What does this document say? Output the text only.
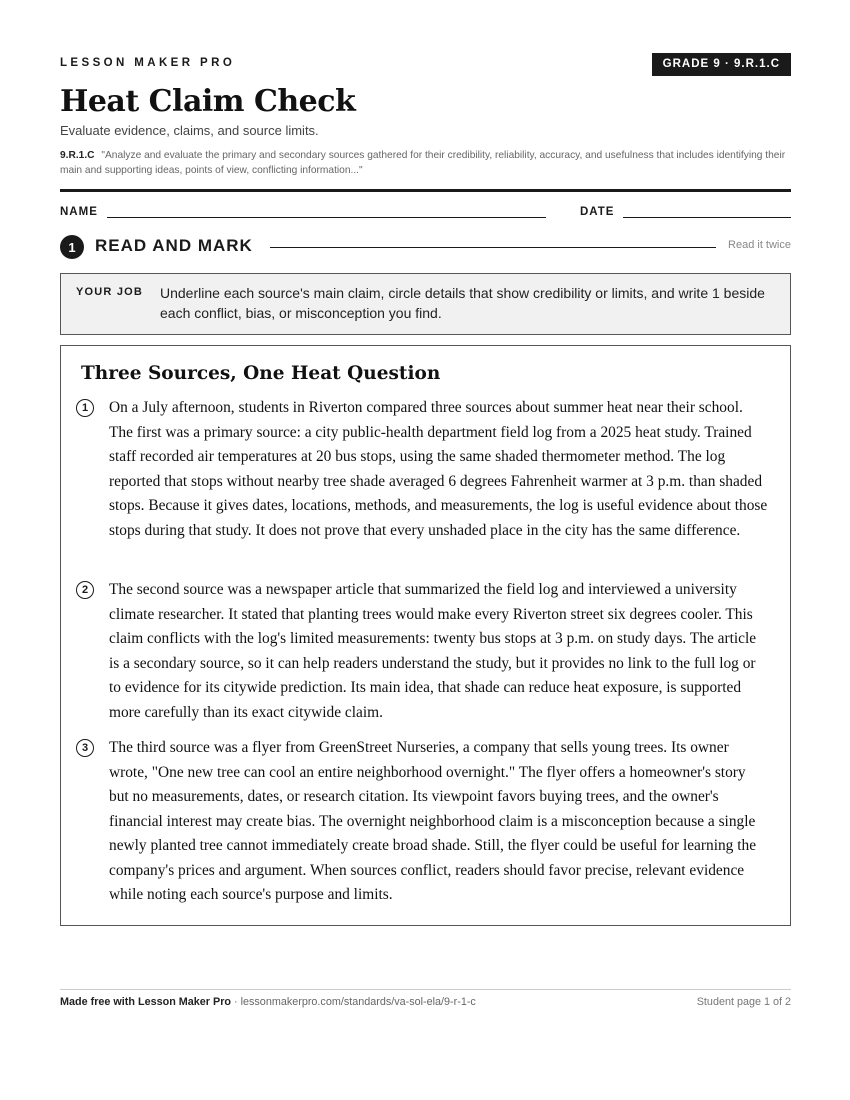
LESSON MAKER PRO	GRADE 9 · 9.R.1.C
Heat Claim Check
Evaluate evidence, claims, and source limits.
9.R.1.C "Analyze and evaluate the primary and secondary sources gathered for their credibility, reliability, accuracy, and usefulness that includes identifying their main and supporting ideas, points of view, conflicting information..."
NAME	DATE
1	READ AND MARK	Read it twice
YOUR JOB Underline each source's main claim, circle details that show credibility or limits, and write 1 beside each conflict, bias, or misconception you find.
Three Sources, One Heat Question
1	On a July afternoon, students in Riverton compared three sources about summer heat near their school. The first was a primary source: a city public-health department field log from a 2025 heat study. Trained staff recorded air temperatures at 20 bus stops, using the same shaded thermometer method. The log reported that stops without nearby tree shade averaged 6 degrees Fahrenheit warmer at 3 p.m. than shaded stops. Because it gives dates, locations, methods, and measurements, the log is useful evidence about those stops during that study. It does not prove that every unshaded place in the city has the same difference.

2	The second source was a newspaper article that summarized the field log and interviewed a university climate researcher. It stated that planting trees would make every Riverton street six degrees cooler. This claim conflicts with the log's limited measurements: twenty bus stops at 3 p.m. on study days. The article is a secondary source, so it can help readers understand the study, but it provides no link to the full log or to evidence for its citywide prediction. Its main idea, that shade can reduce heat exposure, is supported more carefully than its exact citywide claim.

3	The third source was a flyer from GreenStreet Nurseries, a company that sells young trees. Its owner wrote, "One new tree can cool an entire neighborhood overnight." The flyer offers a homeowner's story but no measurements, dates, or research citation. Its viewpoint favors buying trees, and the owner's financial interest may create bias. The overnight neighborhood claim is a misconception because a single newly planted tree cannot immediately create broad shade. Still, the flyer could be useful for learning the company's prices and argument. When sources conflict, readers should favor precise, relevant evidence while noting each source's purpose and limits.

Made free with Lesson Maker Pro · lessonmakerpro.com/standards/va-sol-ela/9-r-1-c	Student page 1 of 2
